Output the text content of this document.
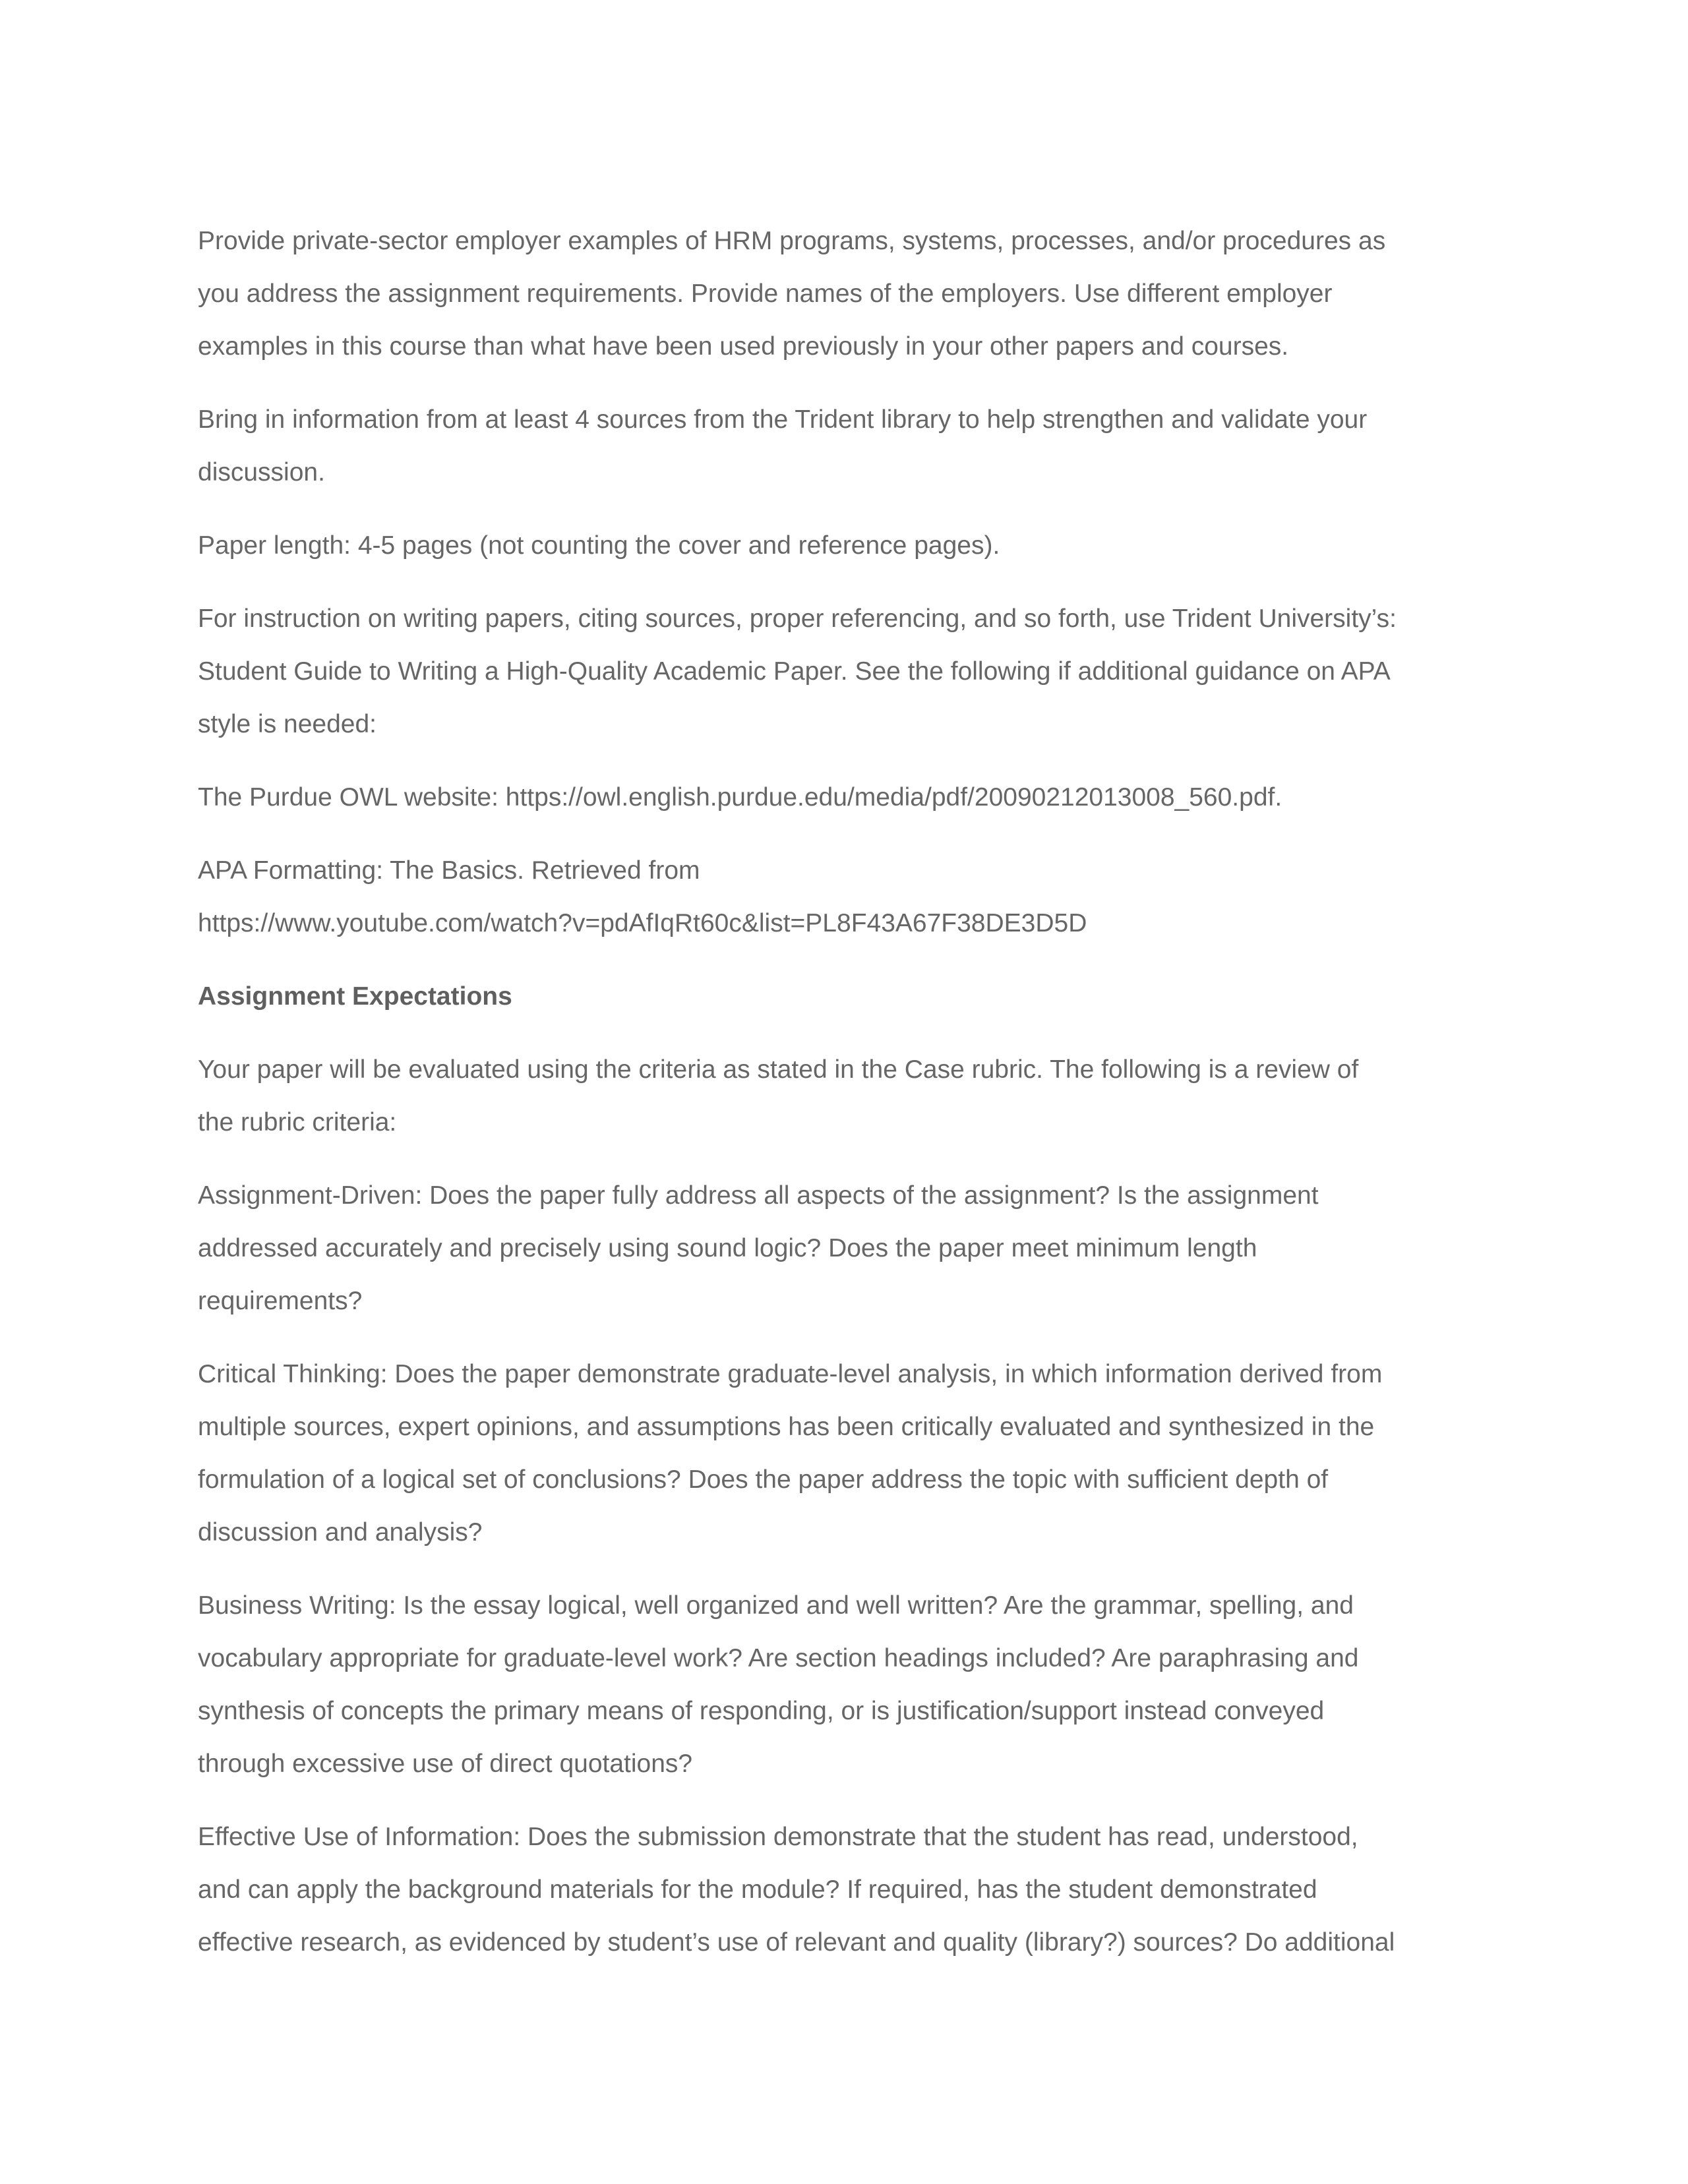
Provide private-sector employer examples of HRM programs, systems, processes, and/or procedures as
you address the assignment requirements. Provide names of the employers. Use different employer
examples in this course than what have been used previously in your other papers and courses.

Bring in information from at least 4 sources from the Trident library to help strengthen and validate your
discussion.

Paper length: 4-5 pages (not counting the cover and reference pages).

For instruction on writing papers, citing sources, proper referencing, and so forth, use Trident University’s:
Student Guide to Writing a High-Quality Academic Paper. See the following if additional guidance on APA
style is needed:

The Purdue OWL website: https://owl.english.purdue.edu/media/pdf/20090212013008_560.pdf.

APA Formatting: The Basics. Retrieved from
https://www.youtube.com/watch?v=pdAfIqRt60c&list=PL8F43A67F38DE3D5D

Assignment Expectations

Your paper will be evaluated using the criteria as stated in the Case rubric. The following is a review of
the rubric criteria:

Assignment-Driven: Does the paper fully address all aspects of the assignment? Is the assignment
addressed accurately and precisely using sound logic? Does the paper meet minimum length
requirements?

Critical Thinking: Does the paper demonstrate graduate-level analysis, in which information derived from
multiple sources, expert opinions, and assumptions has been critically evaluated and synthesized in the
formulation of a logical set of conclusions? Does the paper address the topic with sufficient depth of
discussion and analysis?

Business Writing: Is the essay logical, well organized and well written? Are the grammar, spelling, and
vocabulary appropriate for graduate-level work? Are section headings included? Are paraphrasing and
synthesis of concepts the primary means of responding, or is justification/support instead conveyed
through excessive use of direct quotations?

Effective Use of Information: Does the submission demonstrate that the student has read, understood,
and can apply the background materials for the module? If required, has the student demonstrated
effective research, as evidenced by student’s use of relevant and quality (library?) sources? Do additional
